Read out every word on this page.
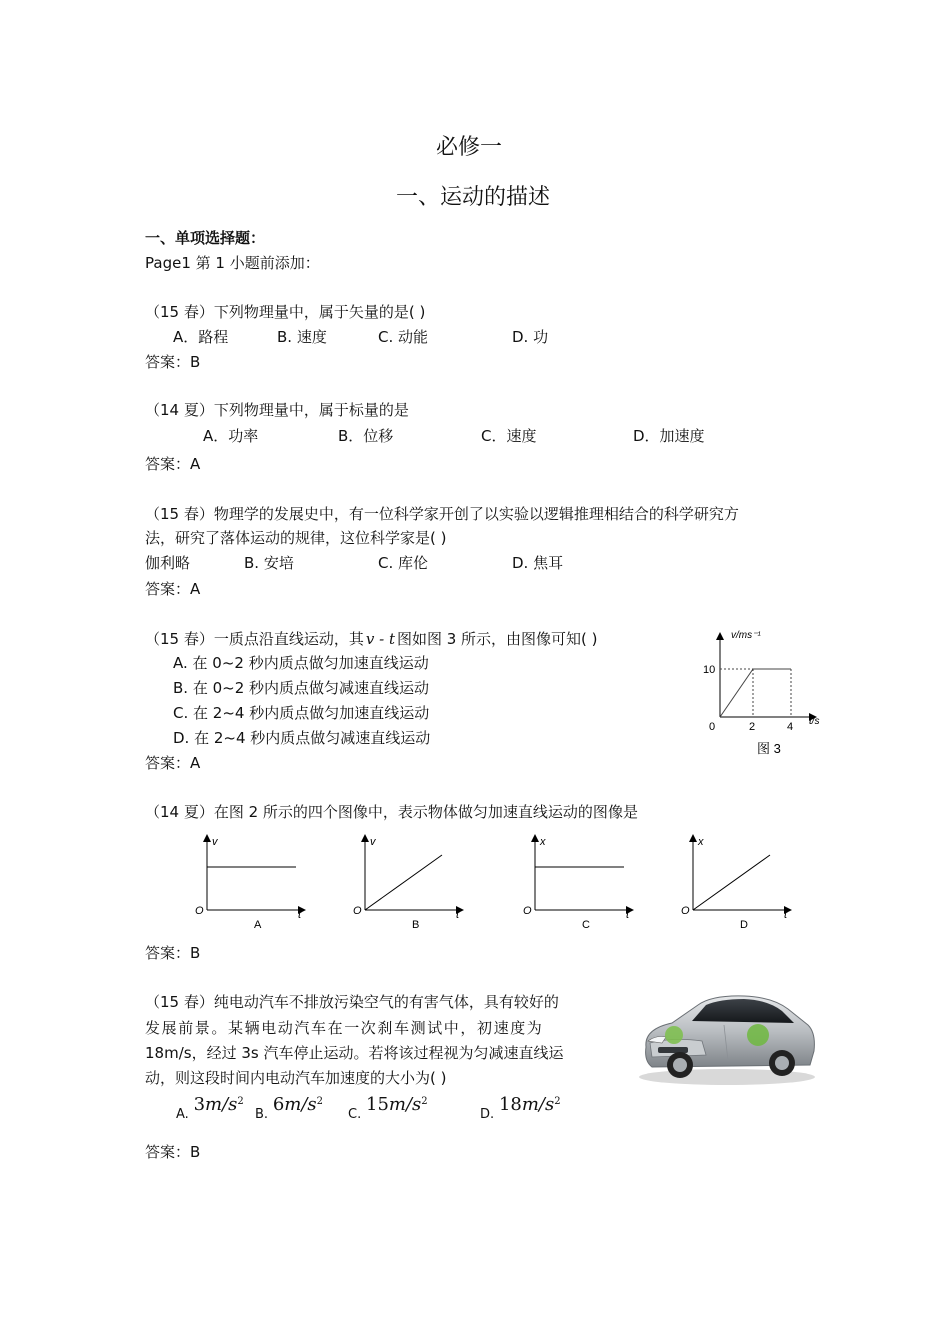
必修一
一、运动的描述
一、单项选择题：
Page1 第 1 小题前添加：
（15 春）下列物理量中，属于矢量的是( )
A．路程	B. 速度	C. 动能	D. 功
答案：B
（14 夏）下列物理量中，属于标量的是
A．功率	B．位移	C．速度	D．加速度
答案：A
（15 春）物理学的发展史中，有一位科学家开创了以实验以逻辑推理相结合的科学研究方
法，研究了落体运动的规律，这位科学家是( )
伽利略	B. 安培	C. 库伦	D. 焦耳
答案：A
（15 春）一质点沿直线运动，其 v - t 图如图 3 所示，由图像可知( )
A. 在 0~2 秒内质点做匀加速直线运动
B. 在 0~2 秒内质点做匀减速直线运动
C. 在 2~4 秒内质点做匀加速直线运动
D. 在 2~4 秒内质点做匀减速直线运动
答案：A
v/ms⁻¹
10
0	2	4 t/s
图 3
（14 夏）在图 2 所示的四个图像中，表示物体做匀加速直线运动的图像是
v
O	t
A
v
O	t
B
x
O	t
C
x
O	t
D
答案：B
（15 春）纯电动汽车不排放污染空气的有害气体，具有较好的
发展前景。某辆电动汽车在一次刹车测试中，初速度为
18m/s，经过 3s 汽车停止运动。若将该过程视为匀减速直线运
动，则这段时间内电动汽车加速度的大小为( )
A. $3m/s^2$
B. $6m/s^2$
C. $15m/s^2$
D. $18m/s^2$
答案：B
